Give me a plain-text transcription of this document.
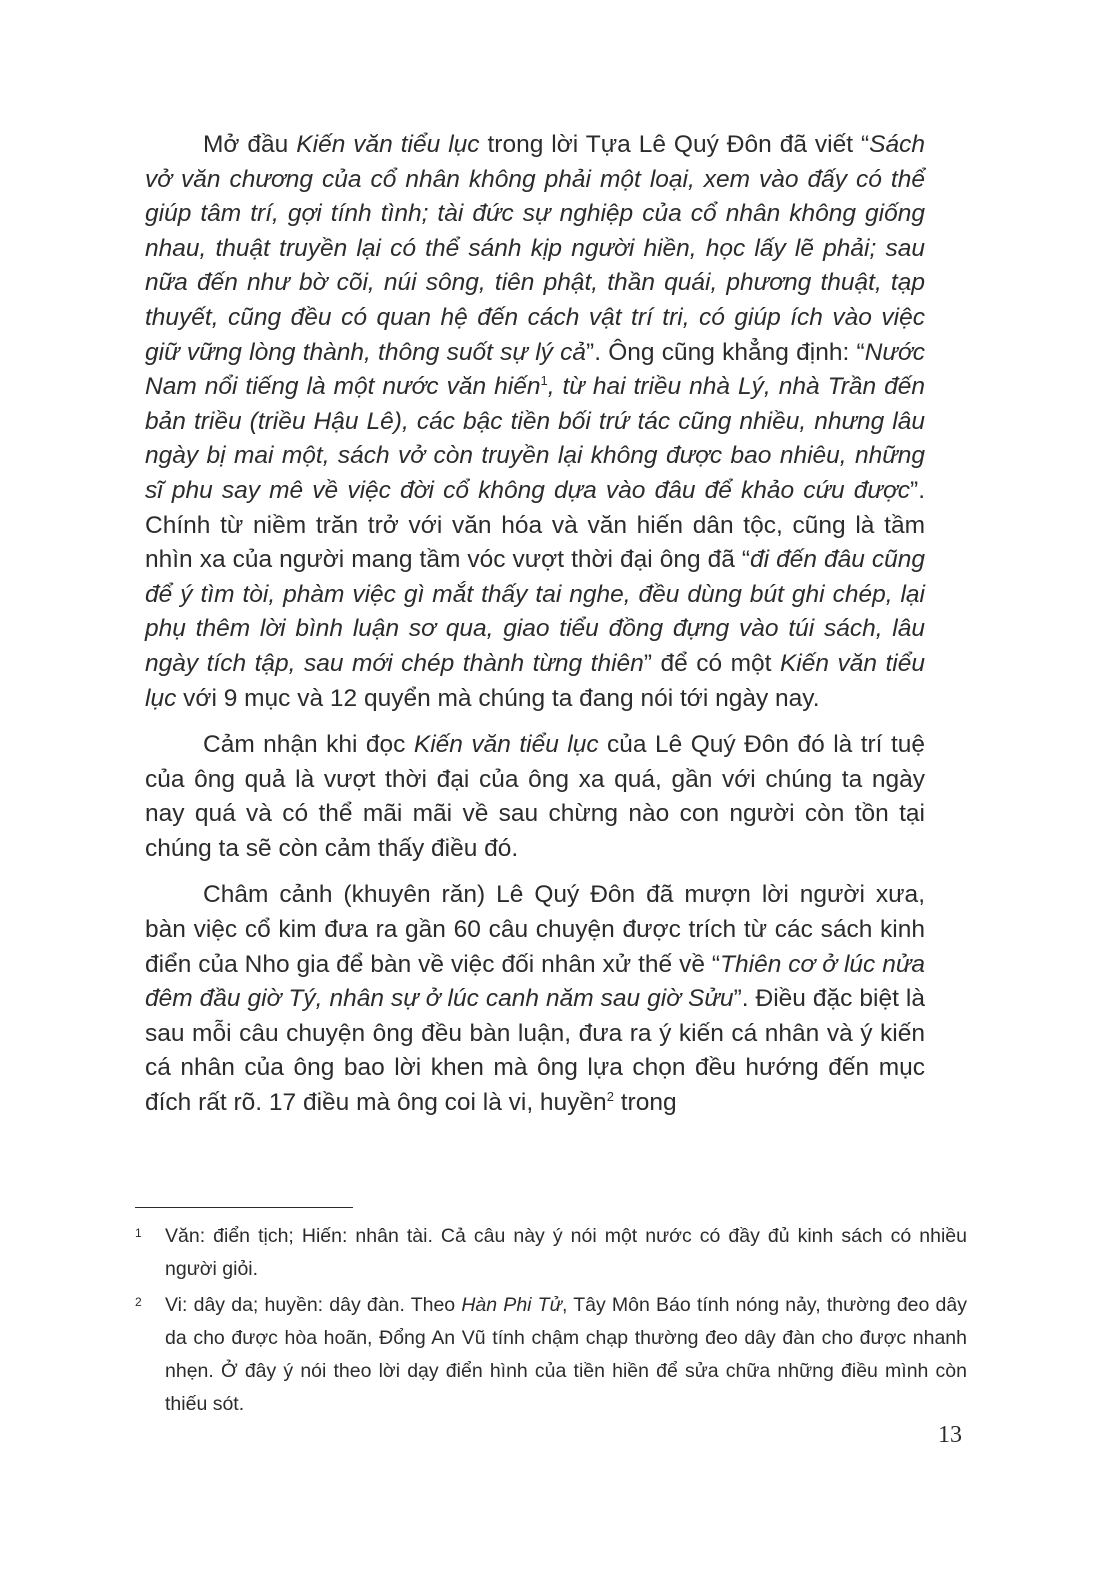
Mở đầu Kiến văn tiểu lục trong lời Tựa Lê Quý Đôn đã viết “Sách vở văn chương của cổ nhân không phải một loại, xem vào đấy có thể giúp tâm trí, gợi tính tình; tài đức sự nghiệp của cổ nhân không giống nhau, thuật truyền lại có thể sánh kịp người hiền, học lấy lẽ phải; sau nữa đến như bờ cõi, núi sông, tiên phật, thần quái, phương thuật, tạp thuyết, cũng đều có quan hệ đến cách vật trí tri, có giúp ích vào việc giữ vững lòng thành, thông suốt sự lý cả”. Ông cũng khẳng định: “Nước Nam nổi tiếng là một nước văn hiến$^1$, từ hai triều nhà Lý, nhà Trần đến bản triều (triều Hậu Lê), các bậc tiền bối trứ tác cũng nhiều, nhưng lâu ngày bị mai một, sách vở còn truyền lại không được bao nhiêu, những sĩ phu say mê về việc đời cổ không dựa vào đâu để khảo cứu được”. Chính từ niềm trăn trở với văn hóa và văn hiến dân tộc, cũng là tầm nhìn xa của người mang tầm vóc vượt thời đại ông đã “đi đến đâu cũng để ý tìm tòi, phàm việc gì mắt thấy tai nghe, đều dùng bút ghi chép, lại phụ thêm lời bình luận sơ qua, giao tiểu đồng đựng vào túi sách, lâu ngày tích tập, sau mới chép thành từng thiên” để có một Kiến văn tiểu lục với 9 mục và 12 quyển mà chúng ta đang nói tới ngày nay.

Cảm nhận khi đọc Kiến văn tiểu lục của Lê Quý Đôn đó là trí tuệ của ông quả là vượt thời đại của ông xa quá, gần với chúng ta ngày nay quá và có thể mãi mãi về sau chừng nào con người còn tồn tại chúng ta sẽ còn cảm thấy điều đó.

Châm cảnh (khuyên răn) Lê Quý Đôn đã mượn lời người xưa, bàn việc cổ kim đưa ra gần 60 câu chuyện được trích từ các sách kinh điển của Nho gia để bàn về việc đối nhân xử thế về “Thiên cơ ở lúc nửa đêm đầu giờ Tý, nhân sự ở lúc canh năm sau giờ Sửu”. Điều đặc biệt là sau mỗi câu chuyện ông đều bàn luận, đưa ra ý kiến cá nhân và ý kiến cá nhân của ông bao lời khen mà ông lựa chọn đều hướng đến mục đích rất rõ. 17 điều mà ông coi là vi, huyền$^2$ trong

1	Văn: điển tịch; Hiến: nhân tài. Cả câu này ý nói một nước có đầy đủ kinh sách có nhiều người giỏi.
2	Vi: dây da; huyền: dây đàn. Theo Hàn Phi Tử, Tây Môn Báo tính nóng nảy, thường đeo dây da cho được hòa hoãn, Đổng An Vũ tính chậm chạp thường đeo dây đàn cho được nhanh nhẹn. Ở đây ý nói theo lời dạy điển hình của tiền hiền để sửa chữa những điều mình còn thiếu sót.
13
